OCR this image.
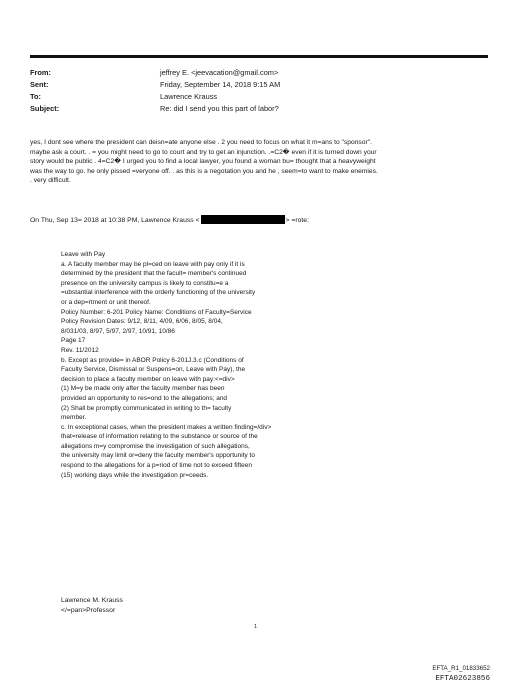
From:	jeffrey E. <jeevacation@gmail.com>
Sent:	Friday, September 14, 2018 9:15 AM
To:	Lawrence Krauss
Subject:	Re: did I send you this part of labor?
yes, I dont see where the president can deisn=ate anyone else . 2 you need to focus on what it m=ans to "sponsor".
maybe ask a court. . = you might need to go to court and try to get an injunction. .=C2� even if it is turned down your
story would be public . 4=C2� I urged you to find a local lawyer, you found a woman bu= thought that a heavyweight
was the way to go. he only pissed =veryone off. . as this is a negotation you and he , seem=to want to make enemies.
. very difficult.
On Thu, Sep 13= 2018 at 10:38 PM, Lawrence Krauss <	> =rote:
Leave with Pay
a. A faculty member may be pl=ced on leave with pay only if it is
determined by the president that the facult= member's continued
presence on the university campus is likely to constitu=e a
=ubstantial interference with the orderly functioning of the university
or a dep=rtment or unit thereof.
Policy Number: 6-201 Policy Name: Conditions of Faculty=Service
Policy Revision Dates: 9/12, 8/11, 4/09, 6/06, 8/05, 8/04,
8/031/03, 8/97, 5/97, 2/97, 10/91, 10/86
Page 17
Rev. 11/2012
b. Except as provide= in ABOR Policy 6-201J.3.c (Conditions of
Faculty Service, Dismissal or Suspens=on, Leave with Pay), the
decision to place a faculty member on leave with pay:<=div>
(1) M=y be made only after the faculty member has been
provided an opportunity to res=ond to the allegations; and
(2) Shall be promptly communicated in writing to th= faculty
member.
c. In exceptional cases, when the president makes a written finding=/div>
that=release of information relating to the substance or source of the
allegations m=y compromise the investigation of such allegations,
the university may limit or=deny the faculty member's opportunity to
respond to the allegations for a p=riod of time not to exceed fifteen
(15) working days while the investigation pr=ceeds.
Lawrence M. Krauss
</=pan>Professor
1
EFTA_R1_01833652
EFTA02623856
